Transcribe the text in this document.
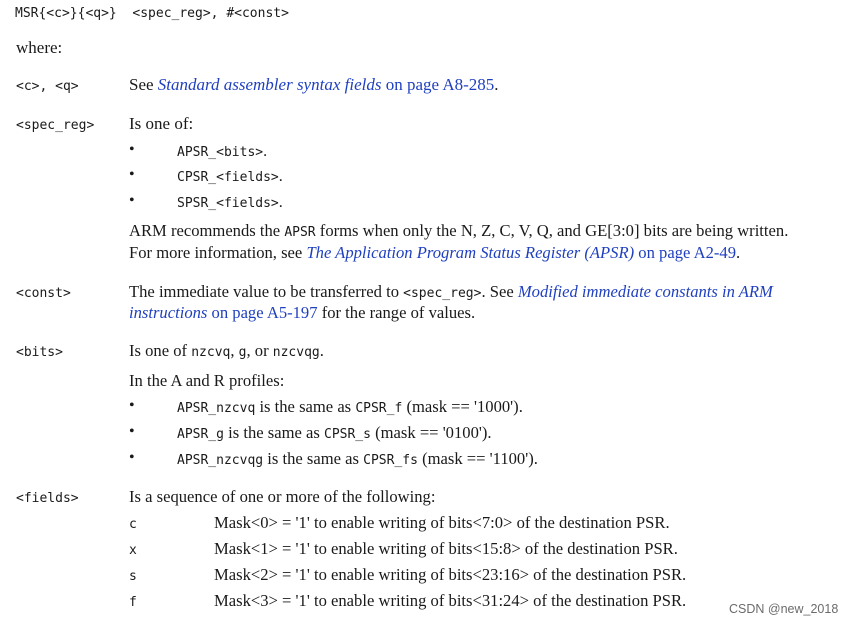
MSR{<c>}{<q>}  <spec_reg>, #<const>
where:
<c>, <q>	See Standard assembler syntax fields on page A8-285.
<spec_reg> Is one of:
•	APSR_<bits>.
•	CPSR_<fields>.
•	SPSR_<fields>.
ARM recommends the APSR forms when only the N, Z, C, V, Q, and GE[3:0] bits are being written.
For more information, see The Application Program Status Register (APSR) on page A2-49.
<const>	The immediate value to be transferred to <spec_reg>. See Modified immediate constants in ARM
instructions on page A5-197 for the range of values.
<bits>	Is one of nzcvq, g, or nzcvqg.
In the A and R profiles:
•	APSR_nzcvq is the same as CPSR_f (mask == '1000').
•	APSR_g is the same as CPSR_s (mask == '0100').
•	APSR_nzcvqg is the same as CPSR_fs (mask == '1100').
<fields>	Is a sequence of one or more of the following:
c	Mask<0> = '1' to enable writing of bits<7:0> of the destination PSR.
x	Mask<1> = '1' to enable writing of bits<15:8> of the destination PSR.
s	Mask<2> = '1' to enable writing of bits<23:16> of the destination PSR.
f	Mask<3> = '1' to enable writing of bits<31:24> of the destination PSR.	CSDN @new_2018
